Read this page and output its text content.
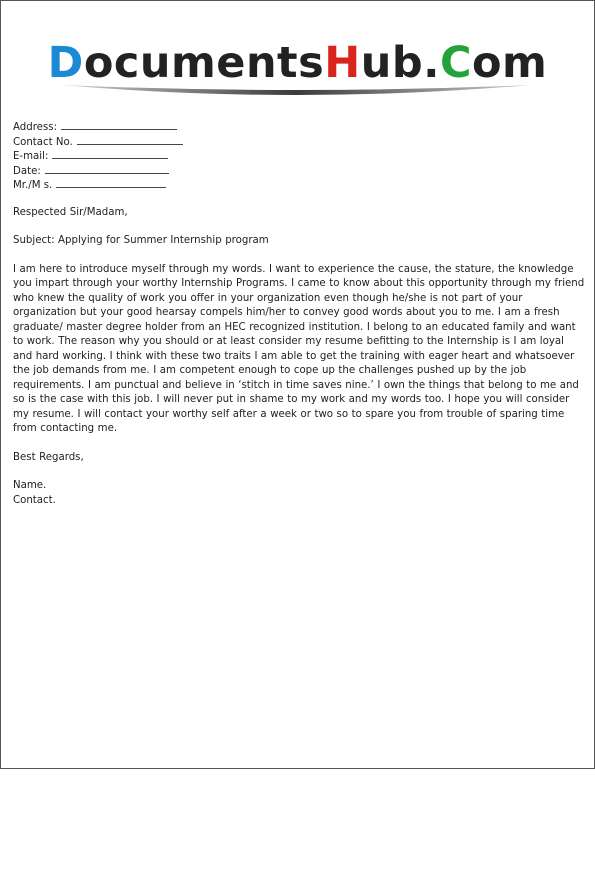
DocumentsHub.Com
Address:
Contact No.
E-mail:
Date:
Mr./M s.

Respected Sir/Madam,

Subject: Applying for Summer Internship program

I am here to introduce myself through my words. I want to experience the cause, the stature, the knowledge you impart through your worthy Internship Programs. I came to know about this opportunity through my friend who knew the quality of work you offer in your organization even though he/she is not part of your organization but your good hearsay compels him/her to convey good words about you to me. I am a fresh graduate/ master degree holder from an HEC recognized institution. I belong to an educated family and want to work. The reason why you should or at least consider my resume befitting to the Internship is I am loyal and hard working. I think with these two traits I am able to get the training with eager heart and whatsoever the job demands from me. I am competent enough to cope up the challenges pushed up by the job requirements. I am punctual and believe in ‘stitch in time saves nine.’ I own the things that belong to me and so is the case with this job. I will never put in shame to my work and my words too. I hope you will consider my resume. I will contact your worthy self after a week or two so to spare you from trouble of sparing time from contacting me.

Best Regards,

Name.

Contact.
